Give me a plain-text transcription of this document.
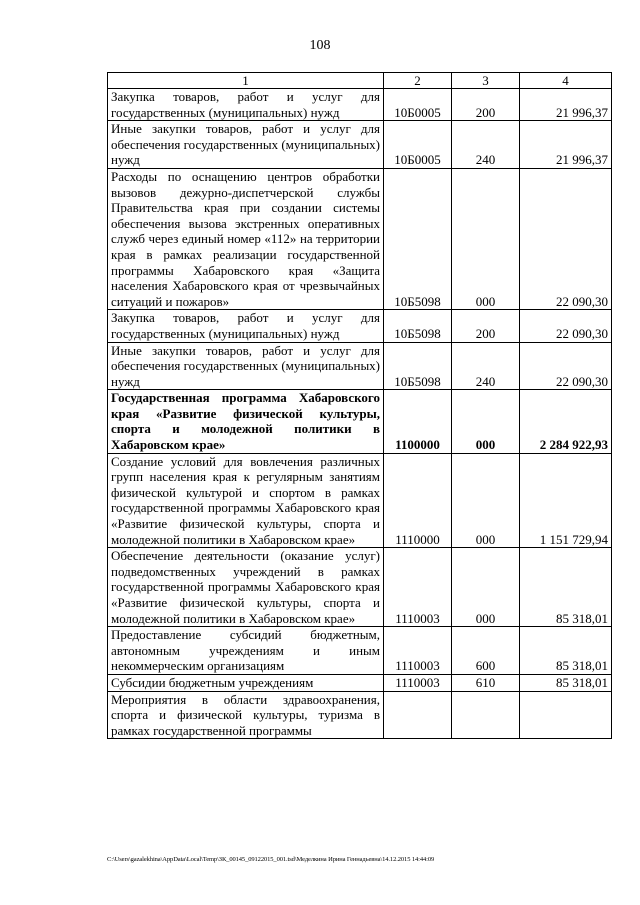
108
1	2	3	4
Закупка товаров, работ и услуг для государственных (муниципальных) нужд	10Б0005	200	21 996,37
Иные закупки товаров, работ и услуг для обеспечения государственных (муниципальных) нужд	10Б0005	240	21 996,37
Расходы по оснащению центров обработки вызовов дежурно-диспетчерской службы Правительства края при создании системы обеспечения вызова экстренных оперативных служб через единый номер «112» на территории края в рамках реализации государственной программы Хабаровского края «Защита населения Хабаровского края от чрезвычайных ситуаций и пожаров»	10Б5098	000	22 090,30
Закупка товаров, работ и услуг для государственных (муниципальных) нужд	10Б5098	200	22 090,30
Иные закупки товаров, работ и услуг для обеспечения государственных (муниципальных) нужд	10Б5098	240	22 090,30
Государственная программа Хабаровского края «Развитие физической культуры, спорта и молодежной политики в Хабаровском крае»	1100000	000	2 284 922,93
Создание условий для вовлечения различных групп населения края к регулярным занятиям физической культурой и спортом в рамках государственной программы Хабаровского края «Развитие физической культуры, спорта и молодежной политики в Хабаровском крае»	1110000	000	1 151 729,94
Обеспечение деятельности (оказание услуг) подведомственных учреждений в рамках государственной программы Хабаровского края «Развитие физической культуры, спорта и молодежной политики в Хабаровском крае»	1110003	000	85 318,01
Предоставление субсидий бюджетным, автономным учреждениям и иным некоммерческим организациям	1110003	600	85 318,01
Субсидии бюджетным учреждениям	1110003	610	85 318,01
Мероприятия в области здравоохранения, спорта и физической культуры, туризма в рамках государственной программы			
C:\Users\gazalekhina\AppData\Local\Temp\ЗК_00145_09122015_001.tsd\Меделкина Ирина Геннадьевна\14.12.2015 14:44:09
